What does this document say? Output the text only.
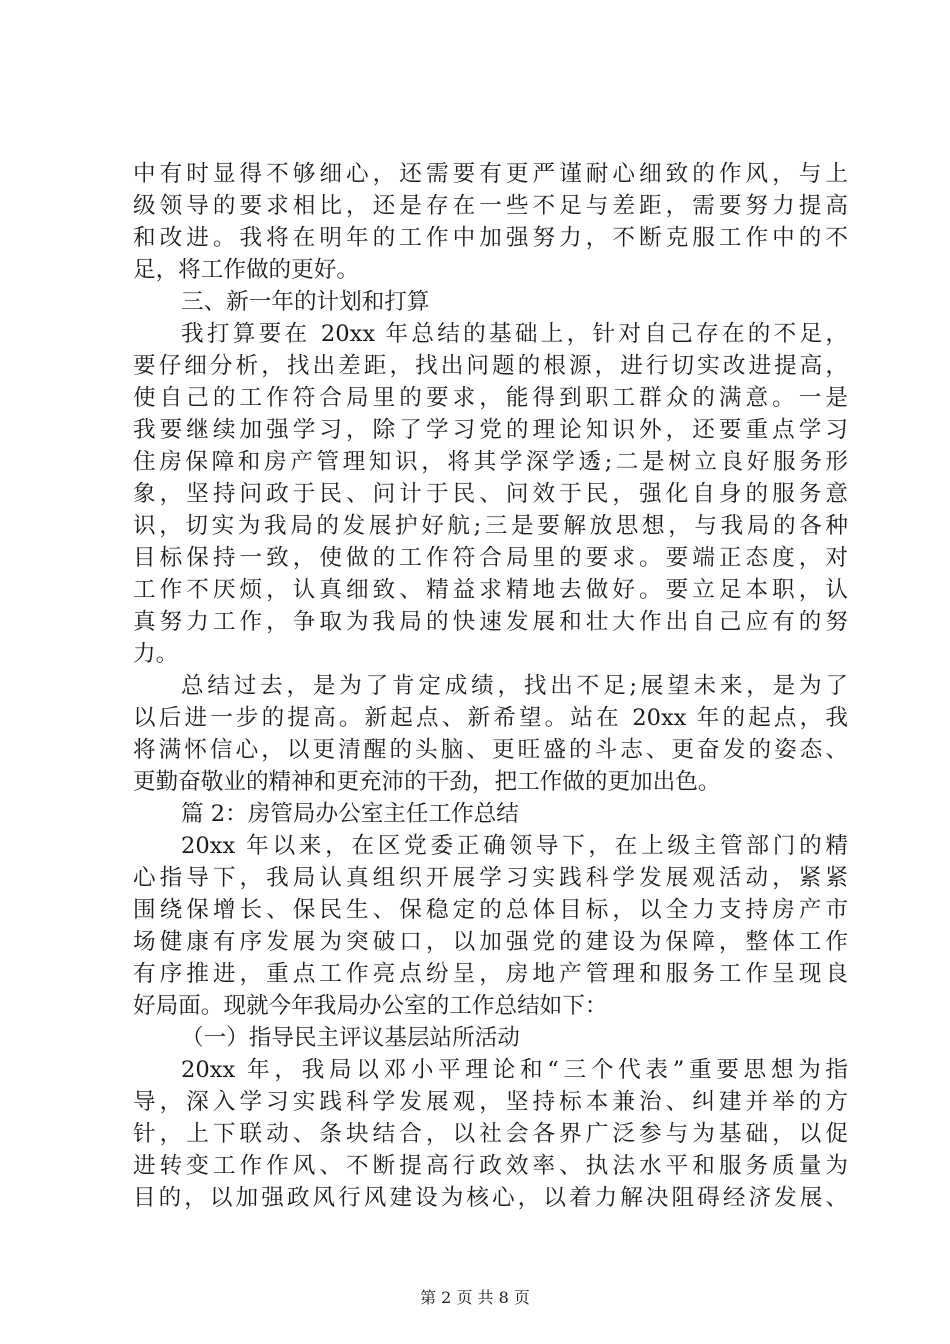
中有时显得不够细心，还需要有更严谨耐心细致的作风，与上
级领导的要求相比，还是存在一些不足与差距，需要努力提高
和改进。我将在明年的工作中加强努力，不断克服工作中的不
足，将工作做的更好。
三、新一年的计划和打算
我打算要在 20xx 年总结的基础上，针对自己存在的不足，
要仔细分析，找出差距，找出问题的根源，进行切实改进提高，
使自己的工作符合局里的要求，能得到职工群众的满意。一是
我要继续加强学习，除了学习党的理论知识外，还要重点学习
住房保障和房产管理知识，将其学深学透;二是树立良好服务形
象，坚持问政于民、问计于民、问效于民，强化自身的服务意
识，切实为我局的发展护好航;三是要解放思想，与我局的各种
目标保持一致，使做的工作符合局里的要求。要端正态度，对
工作不厌烦，认真细致、精益求精地去做好。要立足本职，认
真努力工作，争取为我局的快速发展和壮大作出自己应有的努
力。
总结过去，是为了肯定成绩，找出不足;展望未来，是为了
以后进一步的提高。新起点、新希望。站在 20xx 年的起点，我
将满怀信心，以更清醒的头脑、更旺盛的斗志、更奋发的姿态、
更勤奋敬业的精神和更充沛的干劲，把工作做的更加出色。
篇 2：房管局办公室主任工作总结
20xx 年以来，在区党委正确领导下，在上级主管部门的精
心指导下，我局认真组织开展学习实践科学发展观活动，紧紧
围绕保增长、保民生、保稳定的总体目标，以全力支持房产市
场健康有序发展为突破口，以加强党的建设为保障，整体工作
有序推进，重点工作亮点纷呈，房地产管理和服务工作呈现良
好局面。现就今年我局办公室的工作总结如下：
（一）指导民主评议基层站所活动
20xx 年，我局以邓小平理论和“三个代表”重要思想为指
导，深入学习实践科学发展观，坚持标本兼治、纠建并举的方
针，上下联动、条块结合，以社会各界广泛参与为基础，以促
进转变工作作风、不断提高行政效率、执法水平和服务质量为
目的，以加强政风行风建设为核心，以着力解决阻碍经济发展、
第 2 页 共 8 页
